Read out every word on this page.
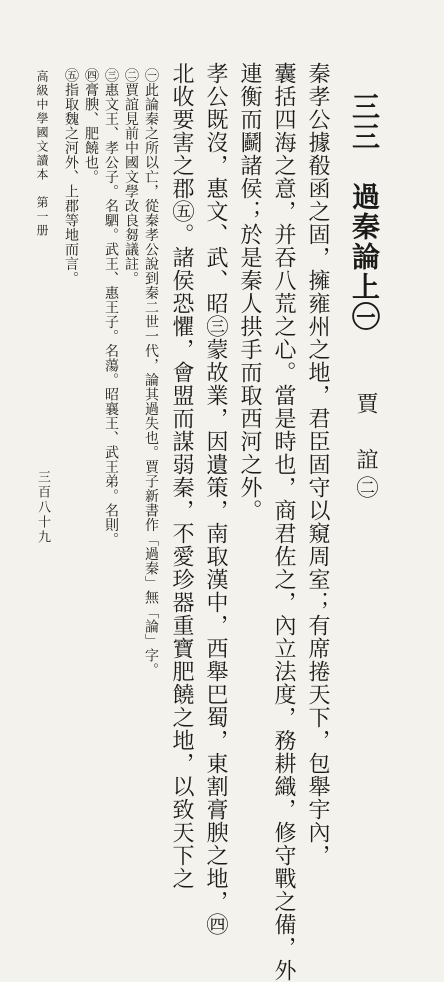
三三　過秦論上㊀
賈　誼㊁
秦孝公據殽函之固，擁雍州之地，君臣固守以窺周室；有席捲天下，包舉宇內，
囊括四海之意，并吞八荒之心。當是時也，商君佐之，內立法度，務耕織，修守戰之備，外
連衡而鬬諸侯；於是秦人拱手而取西河之外。
孝公既沒，惠文、武、昭㊂蒙故業，因遺策，南取漢中，西舉巴蜀，東割膏腴之地，㊃
北收要害之郡㊄。諸侯恐懼，會盟而謀弱秦，不愛珍器重寶肥饒之地，以致天下之
㊀此論秦之所以亡，從秦孝公說到秦二世一代，論其過失也。賈子新書作「過秦」無「論」字。
㊁賈誼見前中國文學改良芻議註。
㊂惠文王、孝公子。名駟。武王、惠王子。名蕩。昭襄王、武王弟。名則。
㊃膏腴、肥饒也。
㊄指取魏之河外、上郡等地而言。
高級中學國文讀本　第一册
三百八十九
